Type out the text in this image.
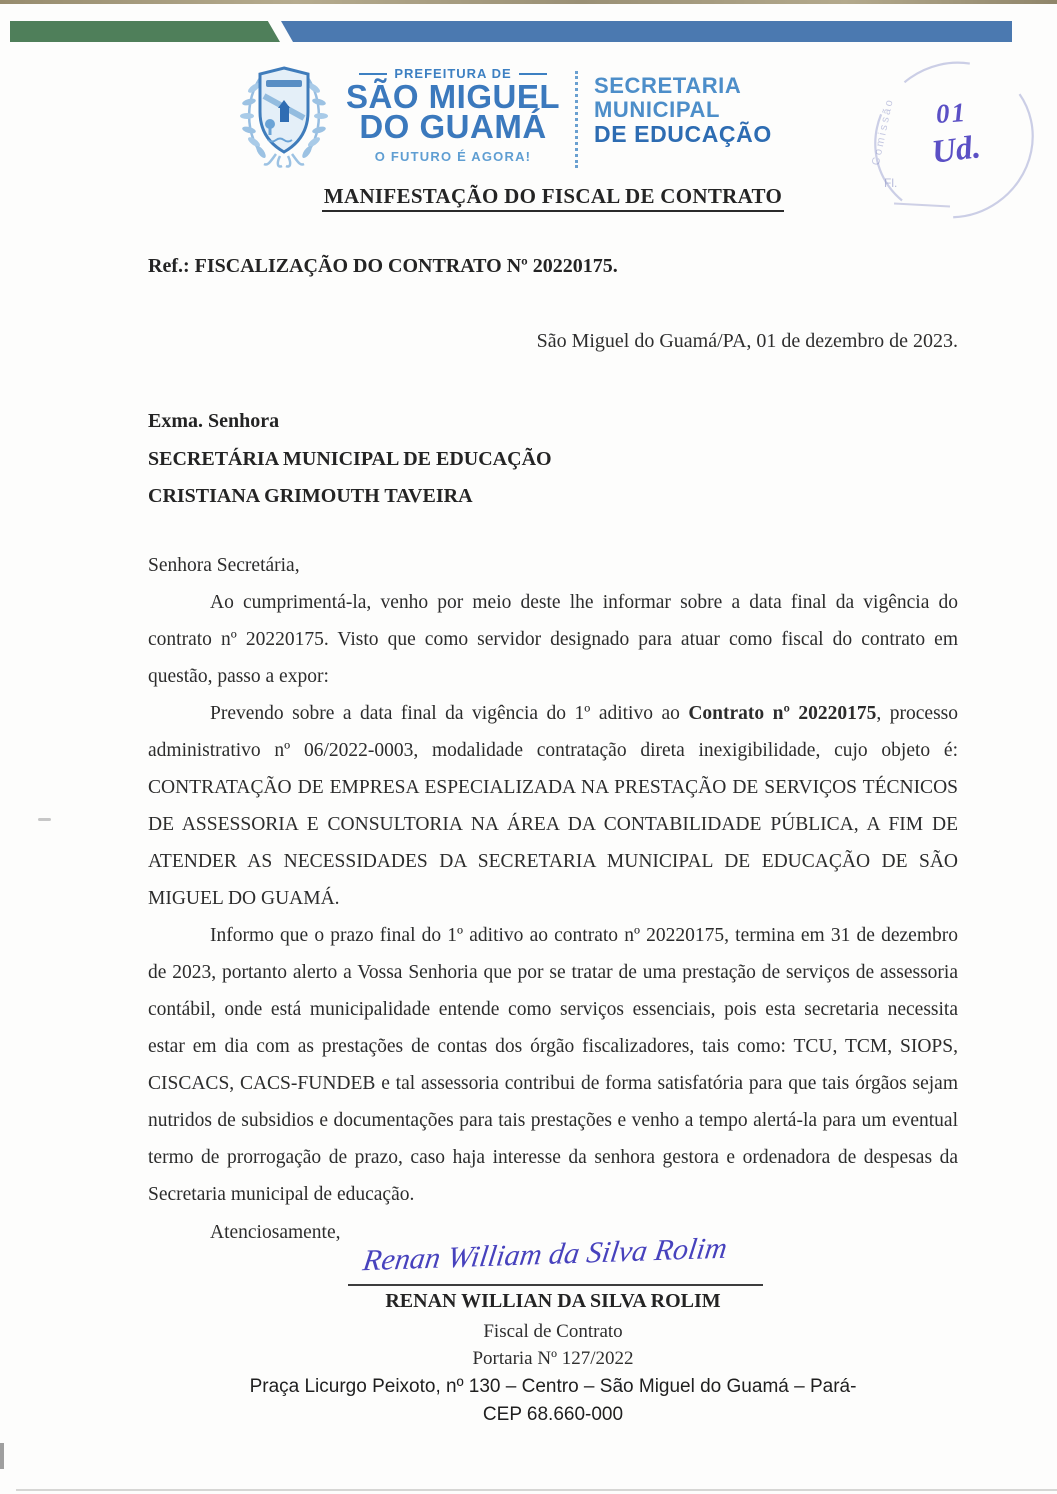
PREFEITURA DE
SÃO MIGUEL
DO GUAMÁ
O FUTURO É AGORA!
SECRETARIA
MUNICIPAL
DE EDUCAÇÃO	Comissão
Fl.
01
Ud.
MANIFESTAÇÃO DO FISCAL DE CONTRATO
Ref.: FISCALIZAÇÃO DO CONTRATO Nº 20220175.
São Miguel do Guamá/PA, 01 de dezembro de 2023.
Exma. Senhora
SECRETÁRIA MUNICIPAL DE EDUCAÇÃO
CRISTIANA GRIMOUTH TAVEIRA

Senhora Secretária,

Ao cumprimentá-la, venho por meio deste lhe informar sobre a data final da vigência do contrato nº 20220175. Visto que como servidor designado para atuar como fiscal do contrato em questão, passo a expor:

Prevendo sobre a data final da vigência do 1º aditivo ao Contrato nº 20220175, processo administrativo nº 06/2022-0003, modalidade contratação direta inexigibilidade, cujo objeto é: CONTRATAÇÃO DE EMPRESA ESPECIALIZADA NA PRESTAÇÃO DE SERVIÇOS TÉCNICOS DE ASSESSORIA E CONSULTORIA NA ÁREA DA CONTABILIDADE PÚBLICA, A FIM DE ATENDER AS NECESSIDADES DA SECRETARIA MUNICIPAL DE EDUCAÇÃO DE SÃO MIGUEL DO GUAMÁ.

Informo que o prazo final do 1º aditivo ao contrato nº 20220175, termina em 31 de dezembro de 2023, portanto alerto a Vossa Senhoria que por se tratar de uma prestação de serviços de assessoria contábil, onde está municipalidade entende como serviços essenciais, pois esta secretaria necessita estar em dia com as prestações de contas dos órgão fiscalizadores, tais como: TCU, TCM, SIOPS, CISCACS, CACS-FUNDEB e tal assessoria contribui de forma satisfatória para que tais órgãos sejam nutridos de subsidios e documentações para tais prestações e venho a tempo alertá-la para um eventual termo de prorrogação de prazo, caso haja interesse da senhora gestora e ordenadora de despesas da Secretaria municipal de educação.

Atenciosamente, Renan William da Silva Rolim
RENAN WILLIAN DA SILVA ROLIM
Fiscal de Contrato
Portaria Nº 127/2022
Praça Licurgo Peixoto, nº 130 – Centro – São Miguel do Guamá – Pará-
CEP 68.660-000
